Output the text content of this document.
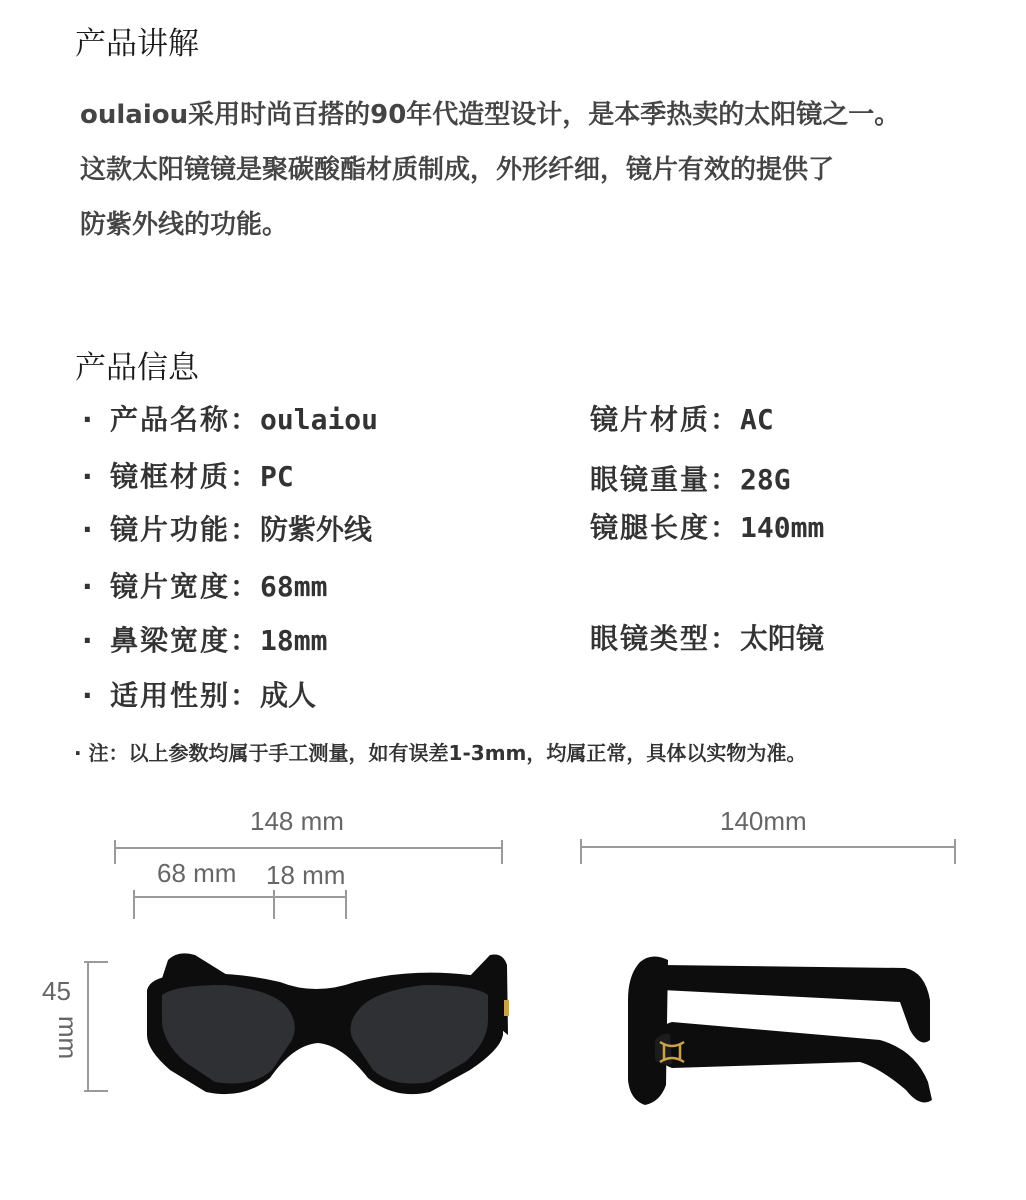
产品讲解

oulaiou采用时尚百搭的90年代造型设计，是本季热卖的太阳镜之一。

这款太阳镜镜是聚碳酸酯材质制成，外形纤细，镜片有效的提供了

防紫外线的功能。

产品信息
· 产品名称：oulaiou
· 镜框材质：PC
· 镜片功能：防紫外线
· 镜片宽度：68mm
· 鼻梁宽度：18mm
· 适用性别：成人
镜片材质：AC
眼镜重量：28G
镜腿长度：140mm
眼镜类型：太阳镜
· 注：以上参数均属于手工测量，如有误差1-3mm，均属正常，具体以实物为准。
148 mm	140mm
68 mm 18 mm
45
mm
